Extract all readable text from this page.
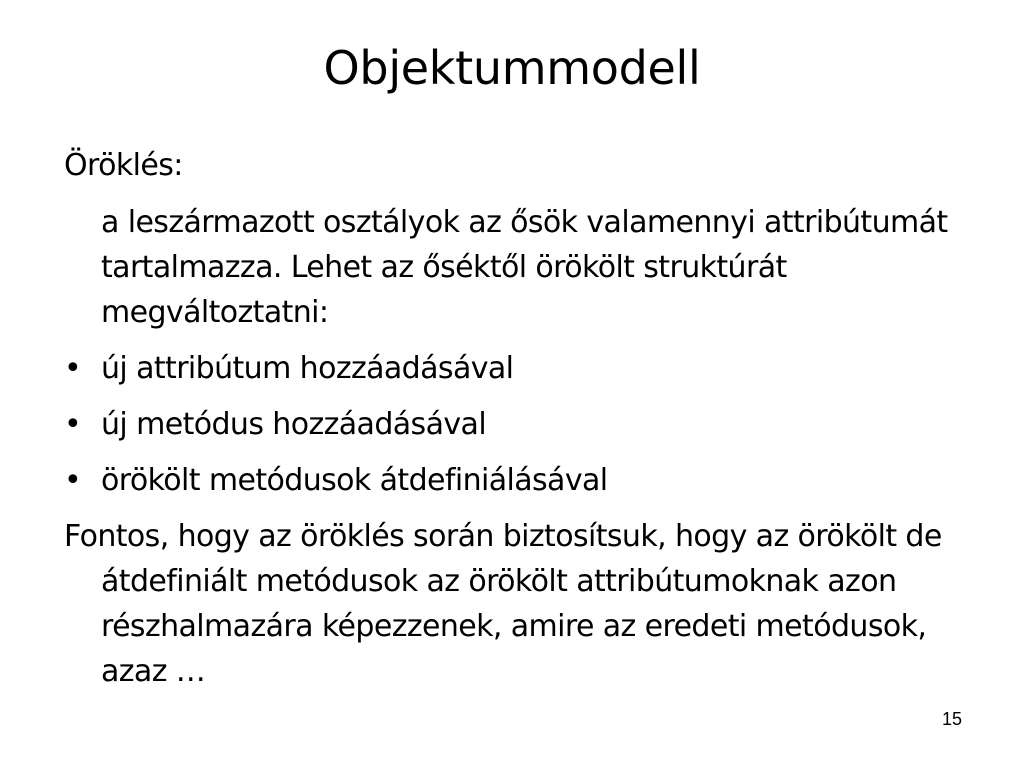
Objektummodell

Öröklés:

a leszármazott osztályok az ősök valamennyi attribútumát tartalmazza. Lehet az őséktől örökölt struktúrát megváltoztatni:

• új attribútum hozzáadásával
• új metódus hozzáadásával
• örökölt metódusok átdefiniálásával

Fontos, hogy az öröklés során biztosítsuk, hogy az örökölt de átdefiniált metódusok az örökölt attribútumoknak azon részhalmazára képezzenek, amire az eredeti metódusok, azaz …

15
